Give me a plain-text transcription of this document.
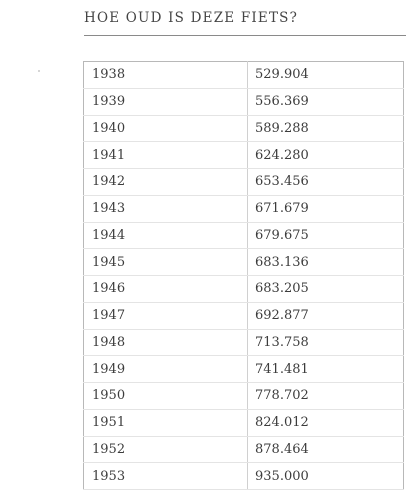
HOE OUD IS DEZE FIETS?
1938	529.904
1939	556.369
1940	589.288
1941	624.280
1942	653.456
1943	671.679
1944	679.675
1945	683.136
1946	683.205
1947	692.877
1948	713.758
1949	741.481
1950	778.702
1951	824.012
1952	878.464
1953	935.000
